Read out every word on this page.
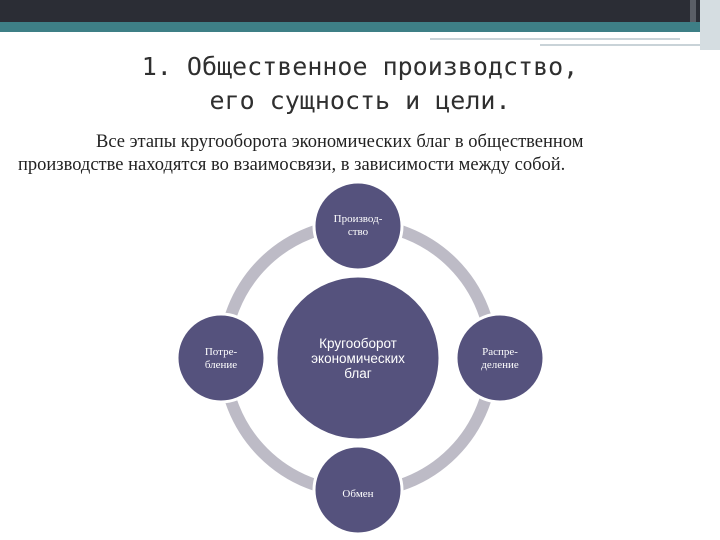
1. Общественное производство,
его сущность и цели.
Все этапы кругооборота экономических благ в общественном
производстве находятся во взаимосвязи, в зависимости между собой.
Кругооборот
экономических
благ
Производ-
ство
Распре-
деление
Обмен
Потре-
бление
